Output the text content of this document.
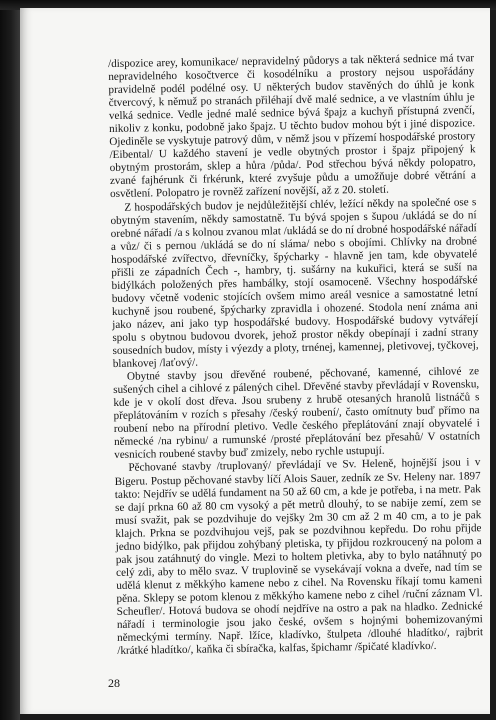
/dispozice arey, komunikace/ nepravidelný půdorys a tak některá sednice má tvar nepravidelného kosočtverce či kosodélníku a prostory nejsou uspořádány pravidelně podél podélné osy. U některých budov stavěných do úhlů je konk čtvercový, k němuž po stranách přiléhají dvě malé sednice, a ve vlastním úhlu je velká sednice. Vedle jedné malé sednice bývá špajz a kuchyň přístupná zvenčí, nikoliv z konku, podobně jako špajz. U těchto budov mohou být i jiné dispozice. Ojediněle se vyskytuje patrový dům, v němž jsou v přízemí hospodářské prostory /Eibental/ U každého stavení je vedle obytných prostor i špajz připojený k obytným prostorám, sklep a hůra /půda/. Pod střechou bývá někdy polopatro, zvané fajhérunk či frkérunk, které zvyšuje půdu a umožňuje dobré větrání a osvětlení. Polopatro je rovněž zařízení novější, až z 20. století.

Z hospodářských budov je nejdůležitější chlév, ležící někdy na společné ose s obytným stavením, někdy samostatně. Tu bývá spojen s šupou /ukládá se do ní orebné nářadí /a s kolnou zvanou mlat /ukládá se do ní drobné hospodářské nářadí a vůz/ či s pernou /ukládá se do ní sláma/ nebo s obojími. Chlívky na drobné hospodářské zvířectvo, dřevníčky, špýcharky - hlavně jen tam, kde obyvatelé přišli ze západních Čech -, hambry, tj. sušárny na kukuřici, která se suší na bidýlkách položených přes hambálky, stojí osamoceně. Všechny hospodářské budovy včetně vodenic stojících ovšem mimo areál vesnice a samostatné letní kuchyně jsou roubené, špýcharky zpravidla i ohozené. Stodola není známa ani jako název, ani jako typ hospodářské budovy. Hospodářské budovy vytvářejí spolu s obytnou budovou dvorek, jehož prostor někdy obepínají i zadní strany sousedních budov, místy i výezdy a ploty, trnénej, kamennej, pletivovej, tyčkovej, blankovej /laťový/.

Obytné stavby jsou dřevěné roubené, pěchované, kamenné, cihlové ze sušených cihel a cihlové z pálených cihel. Dřevěné stavby převládají v Rovensku, kde je v okolí dost dřeva. Jsou srubeny z hrubě otesaných hranolů listnáčů s přeplátováním v rozích s přesahy /český roubení/, často omítnuty buď přímo na roubení nebo na přírodní pletivo. Vedle českého přeplátování znají obyvatelé i německé /na rybinu/ a rumunské /prosté přeplátování bez přesahů/ V ostatních vesnicích roubené stavby buď zmizely, nebo rychle ustupují.

Pěchované stavby /truplovaný/ převládají ve Sv. Heleně, hojnější jsou i v Bigeru. Postup pěchované stavby líčí Alois Sauer, zedník ze Sv. Heleny nar. 1897 takto: Nejdřív se udělá fundament na 50 až 60 cm, a kde je potřeba, i na metr. Pak se dají prkna 60 až 80 cm vysoký a pět metrů dlouhý, to se nabije zemí, zem se musí svažit, pak se pozdvihuje do vejšky 2m 30 cm až 2 m 40 cm, a to je pak klajch. Prkna se pozdvihujou vejš, pak se pozdvihnou kepředu. Do rohu přijde jedno bidýlko, pak přijdou zohýbaný pletiska, ty přijdou rozkroucený na polom a pak jsou zatáhnutý do vingle. Mezi to holtem pletivka, aby to bylo natáhnutý po celý zdi, aby to mělo svaz. V truplovině se vysekávají vokna a dveře, nad tím se udělá klenut z měkkýho kamene nebo z cihel. Na Rovensku říkají tomu kameni pěna. Sklepy se potom klenou z měkkýho kamene nebo z cihel /ruční záznam Vl. Scheufler/. Hotová budova se ohodí nejdříve na ostro a pak na hladko. Zednické nářadí i terminologie jsou jako české, ovšem s hojnými bohemizovanými německými termíny. Např. lžíce, kladívko, štulpeta /dlouhé hladítko/, rajbrit /krátké hladítko/, kaňka či sbíračka, kalfas, špichamr /špičaté kladívko/.

28
